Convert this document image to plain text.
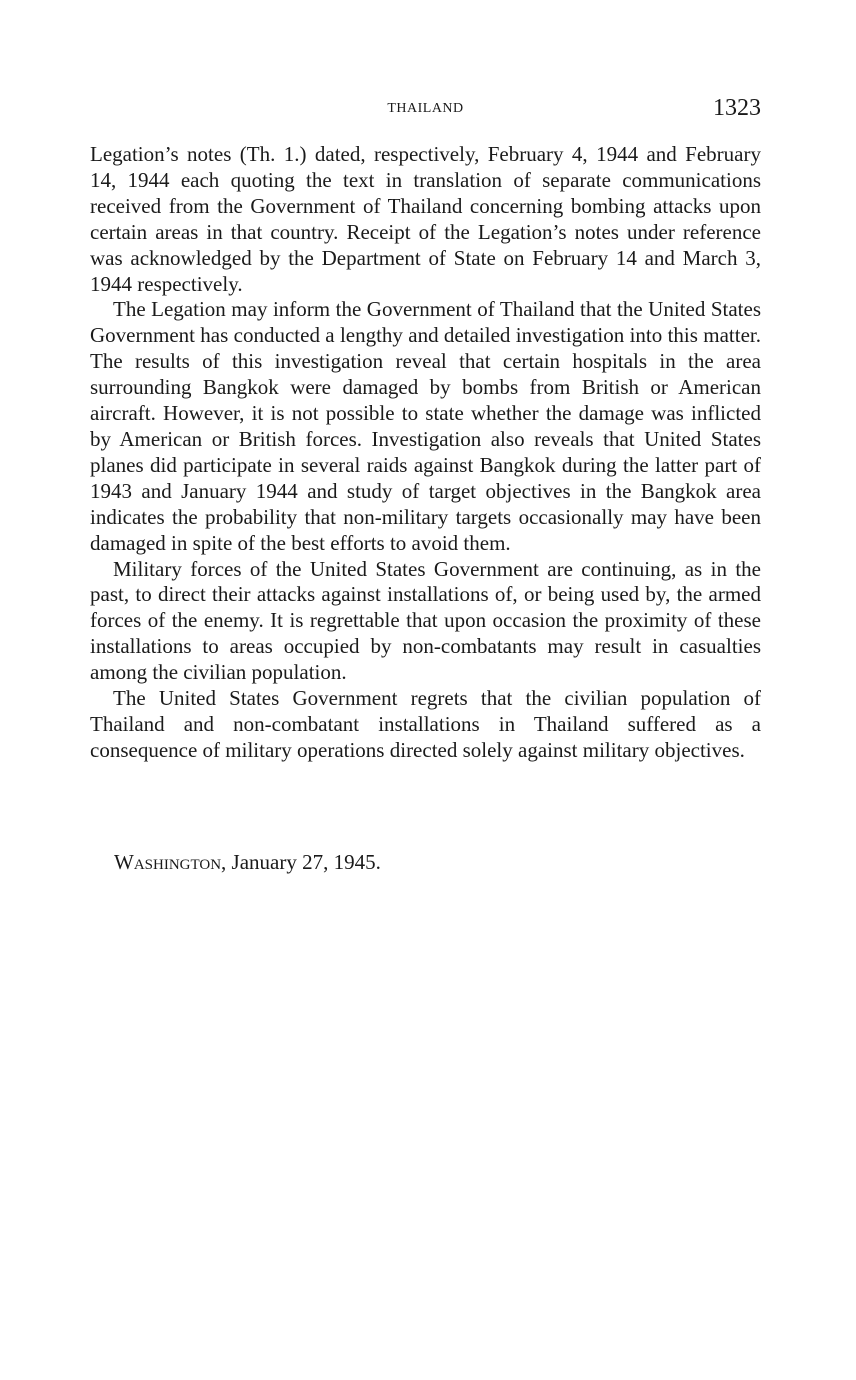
THAILAND	1323

Legation’s notes (Th. 1.) dated, respectively, February 4, 1944 and February 14, 1944 each quoting the text in translation of separate communications received from the Government of Thailand concerning bombing attacks upon certain areas in that country. Receipt of the Legation’s notes under reference was acknowledged by the Department of State on February 14 and March 3, 1944 respectively.

The Legation may inform the Government of Thailand that the United States Government has conducted a lengthy and detailed investigation into this matter. The results of this investigation reveal that certain hospitals in the area surrounding Bangkok were damaged by bombs from British or American aircraft. However, it is not possible to state whether the damage was inflicted by American or British forces. Investigation also reveals that United States planes did participate in several raids against Bangkok during the latter part of 1943 and January 1944 and study of target objectives in the Bangkok area indicates the probability that non-military targets occasionally may have been damaged in spite of the best efforts to avoid them.

Military forces of the United States Government are continuing, as in the past, to direct their attacks against installations of, or being used by, the armed forces of the enemy. It is regrettable that upon occasion the proximity of these installations to areas occupied by non-combatants may result in casualties among the civilian population.

The United States Government regrets that the civilian population of Thailand and non-combatant installations in Thailand suffered as a consequence of military operations directed solely against military objectives.

Washington, January 27, 1945.
